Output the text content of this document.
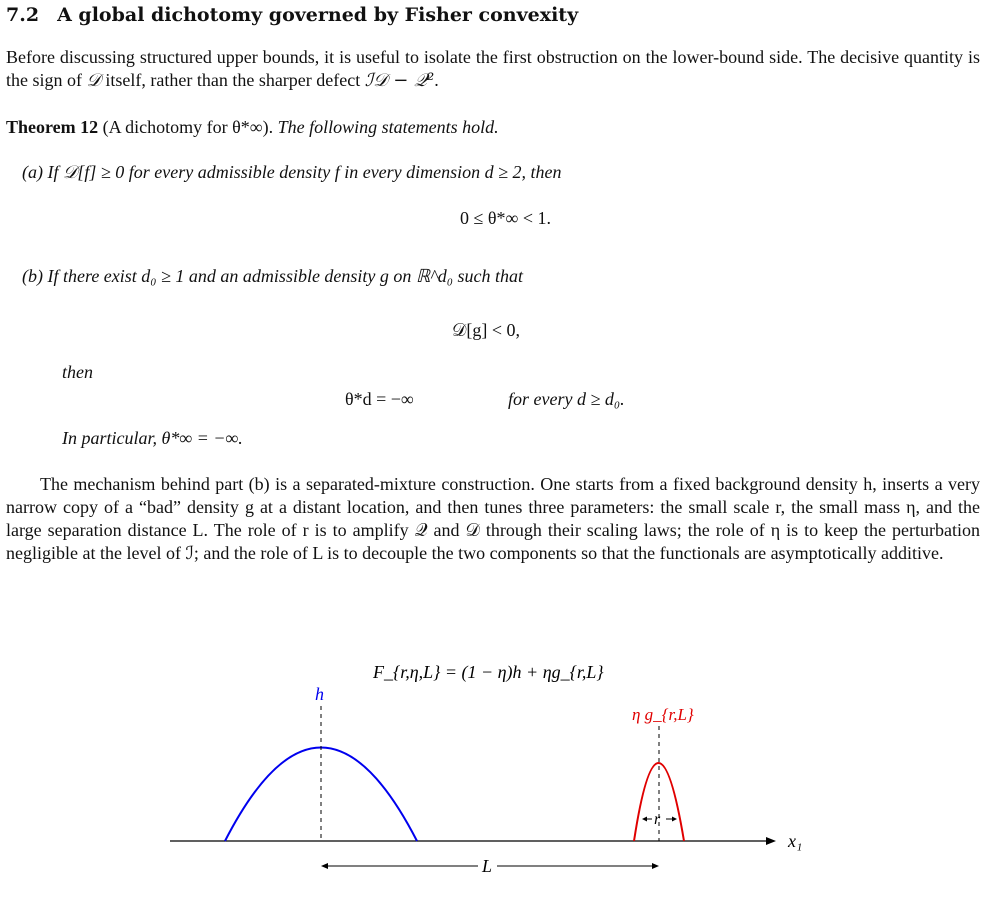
7.2 A global dichotomy governed by Fisher convexity
Before discussing structured upper bounds, it is useful to isolate the first obstruction on the lower-bound side. The decisive quantity is the sign of 𝒟 itself, rather than the sharper defect ℐ𝒟 − 𝒬².
Theorem 12 (A dichotomy for θ*∞). The following statements hold.
(a) If 𝒟[f] ≥ 0 for every admissible density f in every dimension d ≥ 2, then
0 ≤ θ*∞ < 1.
(b) If there exist d₀ ≥ 1 and an admissible density g on ℝ^d₀ such that
𝒟[g] < 0,
then
θ*d = −∞	for every d ≥ d₀.
In particular, θ*∞ = −∞.
The mechanism behind part (b) is a separated-mixture construction. One starts from a fixed background density h, inserts a very narrow copy of a “bad” density g at a distant location, and then tunes three parameters: the small scale r, the small mass η, and the large separation distance L. The role of r is to amplify 𝒬 and 𝒟 through their scaling laws; the role of η is to keep the perturbation negligible at the level of ℐ; and the role of L is to decouple the two components so that the functionals are asymptotically additive.
F_{r,η,L} = (1 − η)h + ηg_{r,L}
x₁
h
η g_{r,L}
r
L
